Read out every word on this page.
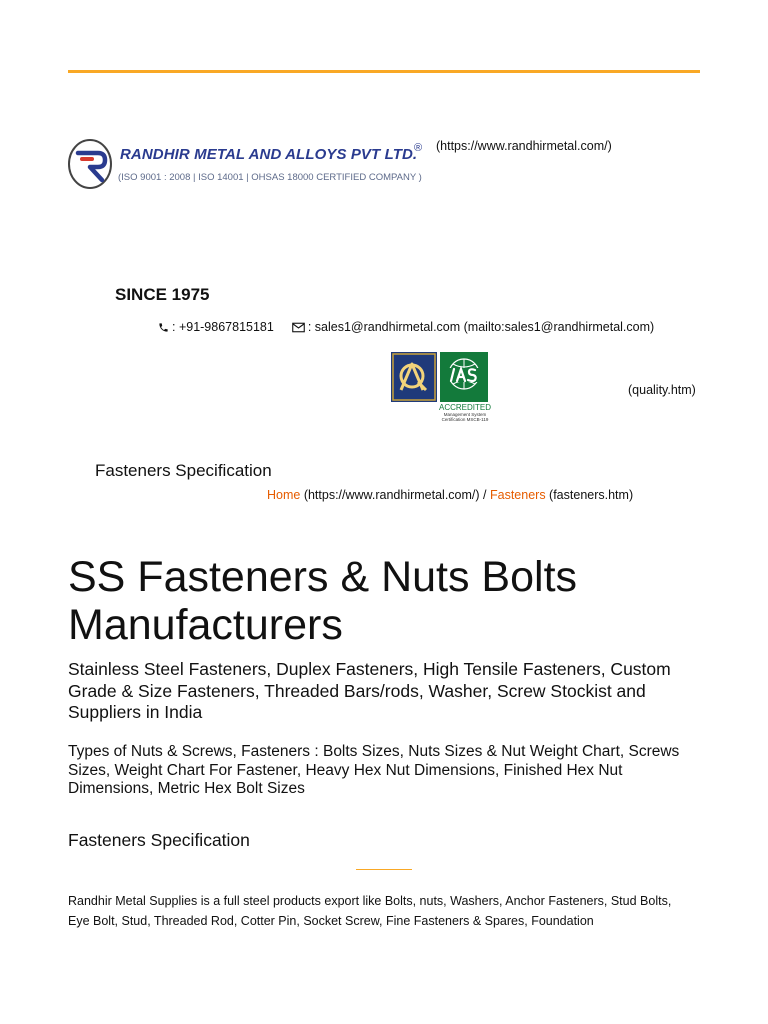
RANDHIR METAL AND ALLOYS PVT LTD.
®
(ISO 9001 : 2008 | ISO 14001 | OHSAS 18000 CERTIFIED COMPANY )
(https://www.randhirmetal.com/)
SINCE 1975
: +91-9867815181	: sales1@randhirmetal.com (mailto:sales1@randhirmetal.com)
ACCREDITED
Management System Certification MSCB-119
(quality.htm)
Fasteners Specification
Home (https://www.randhirmetal.com/) / Fasteners (fasteners.htm)
SS Fasteners & Nuts Bolts Manufacturers
Stainless Steel Fasteners, Duplex Fasteners, High Tensile Fasteners, Custom Grade & Size Fasteners, Threaded Bars/rods, Washer, Screw Stockist and Suppliers in India
Types of Nuts & Screws, Fasteners : Bolts Sizes, Nuts Sizes & Nut Weight Chart, Screws Sizes, Weight Chart For Fastener, Heavy Hex Nut Dimensions, Finished Hex Nut Dimensions, Metric Hex Bolt Sizes
Fasteners Specification
Randhir Metal Supplies is a full steel products export like Bolts, nuts, Washers, Anchor Fasteners, Stud Bolts, Eye Bolt, Stud, Threaded Rod, Cotter Pin, Socket Screw, Fine Fasteners & Spares, Foundation
